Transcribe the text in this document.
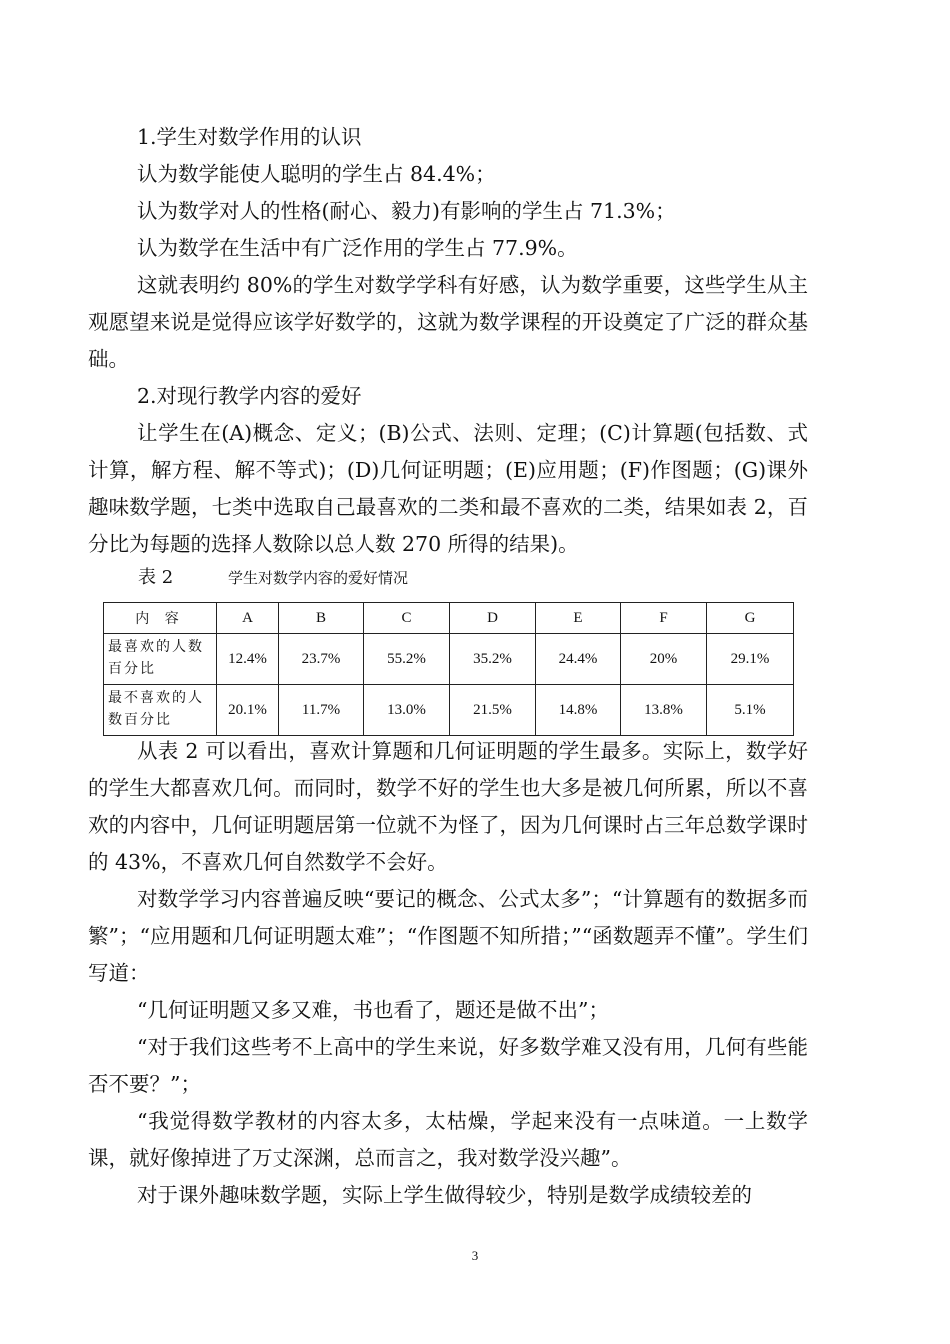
1.学生对数学作用的认识

认为数学能使人聪明的学生占 84.4%；

认为数学对人的性格(耐心、毅力)有影响的学生占 71.3%；

认为数学在生活中有广泛作用的学生占 77.9%。

这就表明约 80%的学生对数学学科有好感，认为数学重要，这些学生从主观愿望来说是觉得应该学好数学的，这就为数学课程的开设奠定了广泛的群众基础。

2.对现行教学内容的爱好

让学生在(A)概念、定义；(B)公式、法则、定理；(C)计算题(包括数、式计算，解方程、解不等式)；(D)几何证明题；(E)应用题；(F)作图题；(G)课外趣味数学题，七类中选取自己最喜欢的二类和最不喜欢的二类，结果如表 2，百分比为每题的选择人数除以总人数 270 所得的结果)。

表 2	学生对数学内容的爱好情况
内 容	A	B	C	D	E	F	G
最喜欢的人数百分比	12.4%	23.7%	55.2%	35.2%	24.4%	20%	29.1%
最不喜欢的人数百分比	20.1%	11.7%	13.0%	21.5%	14.8%	13.8%	5.1%

从表 2 可以看出，喜欢计算题和几何证明题的学生最多。实际上，数学好的学生大都喜欢几何。而同时，数学不好的学生也大多是被几何所累，所以不喜欢的内容中，几何证明题居第一位就不为怪了，因为几何课时占三年总数学课时的 43%，不喜欢几何自然数学不会好。

对数学学习内容普遍反映“要记的概念、公式太多”；“计算题有的数据多而繁”；“应用题和几何证明题太难”；“作图题不知所措；”“函数题弄不懂”。学生们写道：

“几何证明题又多又难，书也看了，题还是做不出”；

“对于我们这些考不上高中的学生来说，好多数学难又没有用，几何有些能否不要？”；

“我觉得数学教材的内容太多，太枯燥，学起来没有一点味道。一上数学课，就好像掉进了万丈深渊，总而言之，我对数学没兴趣”。

对于课外趣味数学题，实际上学生做得较少，特别是数学成绩较差的

3
